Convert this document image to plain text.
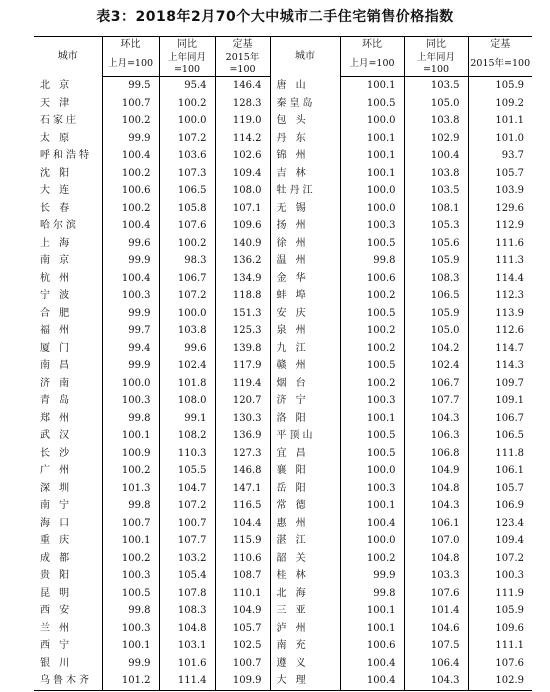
表3：2018年2月70个大中城市二手住宅销售价格指数
城市	环比	同比	定基	城市	环比	同比	定基
	上月=100	上年同月=100	2015年=100		上月=100	上年同月=100	2015年=100
北 京	99.5	95.4	146.4	唐 山	100.1	103.5	105.9
天 津	100.7	100.2	128.3	秦皇岛	100.5	105.0	109.2
石家庄	100.2	100.0	119.0	包 头	100.0	103.8	101.1
太 原	99.9	107.2	114.2	丹 东	100.1	102.9	101.0
呼和浩特	100.4	103.6	102.6	锦 州	100.1	100.4	93.7
沈 阳	100.2	107.3	109.4	吉 林	100.1	103.8	105.7
大 连	100.6	106.5	108.0	牡丹江	100.0	103.5	103.9
长 春	100.2	105.8	107.1	无 锡	100.0	108.1	129.6
哈尔滨	100.4	107.6	109.6	扬 州	100.3	105.3	112.9
上 海	99.6	100.2	140.9	徐 州	100.5	105.6	111.6
南 京	99.9	98.3	136.2	温 州	99.8	105.9	111.3
杭 州	100.4	106.7	134.9	金 华	100.6	108.3	114.4
宁 波	100.3	107.2	118.8	蚌 埠	100.2	106.5	112.3
合 肥	99.9	100.0	151.3	安 庆	100.5	105.9	113.9
福 州	99.7	103.8	125.3	泉 州	100.2	105.0	112.6
厦 门	99.4	99.6	139.8	九 江	100.2	104.2	114.7
南 昌	99.9	102.4	117.9	赣 州	100.5	102.4	114.3
济 南	100.0	101.8	119.4	烟 台	100.2	106.7	109.7
青 岛	100.3	108.0	120.7	济 宁	100.3	107.7	109.1
郑 州	99.8	99.1	130.3	洛 阳	100.1	104.3	106.7
武 汉	100.1	108.2	136.9	平顶山	100.5	106.3	106.5
长 沙	100.9	110.3	127.3	宜 昌	100.5	106.8	111.8
广 州	100.2	105.5	146.8	襄 阳	100.0	104.9	106.1
深 圳	101.3	104.7	147.1	岳 阳	100.3	104.8	105.7
南 宁	99.8	107.2	116.5	常 德	100.1	104.3	106.9
海 口	100.7	100.7	104.4	惠 州	100.4	106.1	123.4
重 庆	100.1	107.7	115.9	湛 江	100.0	107.0	109.4
成 都	100.2	103.2	110.6	韶 关	100.2	104.8	107.2
贵 阳	100.3	105.4	108.7	桂 林	99.9	103.3	100.3
昆 明	100.5	107.8	110.1	北 海	99.8	107.6	111.9
西 安	99.8	108.3	104.9	三 亚	100.1	101.4	105.9
兰 州	100.3	104.8	105.7	泸 州	100.1	104.6	109.6
西 宁	100.1	103.1	102.5	南 充	100.6	107.5	111.1
银 川	99.9	101.6	100.7	遵 义	100.4	106.4	107.6
乌鲁木齐	101.2	111.4	109.9	大 理	100.4	104.3	102.9
